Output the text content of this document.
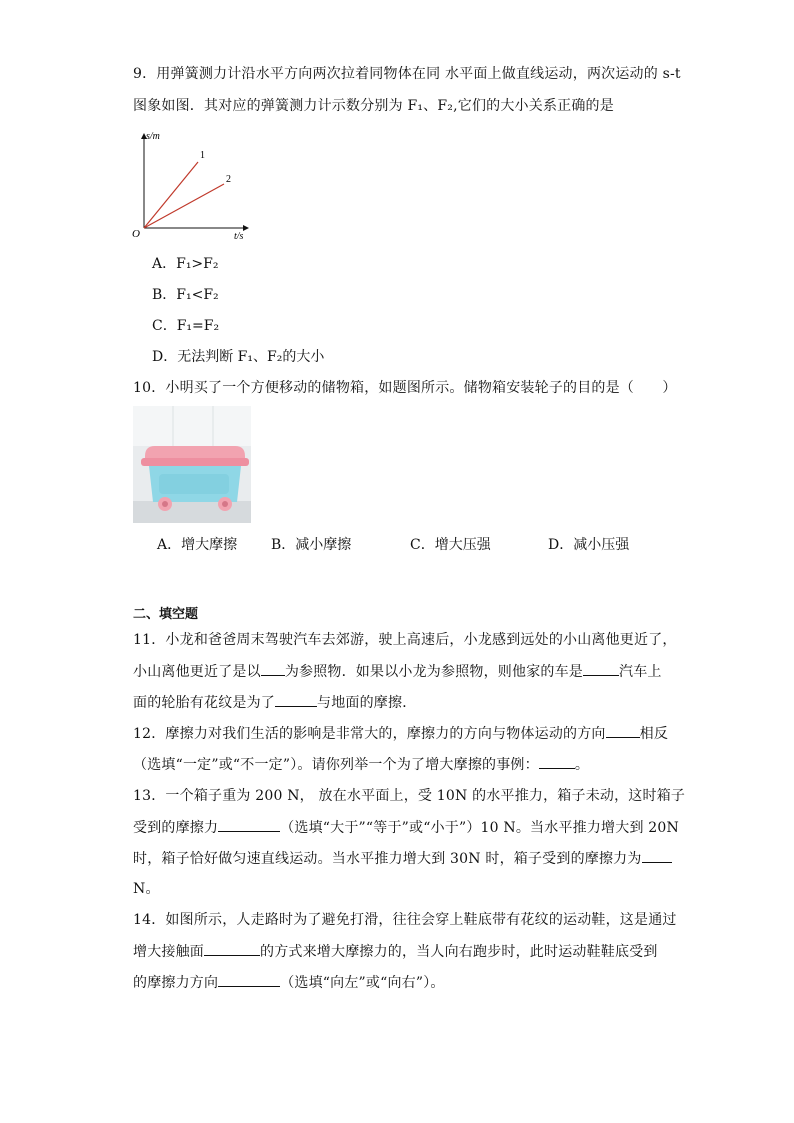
9．用弹簧测力计沿水平方向两次拉着同物体在同 水平面上做直线运动，两次运动的 s-t
图象如图．其对应的弹簧测力计示数分别为 F₁、F₂,它们的大小关系正确的是
s/m
t/s
O
1
2
A．F₁>F₂
B．F₁<F₂
C．F₁=F₂
D．无法判断 F₁、F₂的大小
10．小明买了一个方便移动的储物箱，如题图所示。储物箱安装轮子的目的是（　　）
A．增大摩擦 B．减小摩擦	C．增大压强	D．减小压强
二、填空题
11．小龙和爸爸周末驾驶汽车去郊游，驶上高速后，小龙感到远处的小山离他更近了，
小山离他更近了是以 为参照物．如果以小龙为参照物，则他家的车是	汽车上
面的轮胎有花纹是为了	与地面的摩擦．
12．摩擦力对我们生活的影响是非常大的，摩擦力的方向与物体运动的方向 相反
（选填“一定”或“不一定”）。请你列举一个为了增大摩擦的事例：	。
13．一个箱子重为 200 N， 放在水平面上，受 10N 的水平推力，箱子未动，这时箱子
受到的摩擦力	（选填“大于”“等于”或“小于”）10 N。当水平推力增大到 20N
时，箱子恰好做匀速直线运动。当水平推力增大到 30N 时，箱子受到的摩擦力为
N。
14．如图所示，人走路时为了避免打滑，往往会穿上鞋底带有花纹的运动鞋，这是通过
增大接触面	的方式来增大摩擦力的，当人向右跑步时，此时运动鞋鞋底受到
的摩擦力方向	（选填“向左”或“向右”）。
